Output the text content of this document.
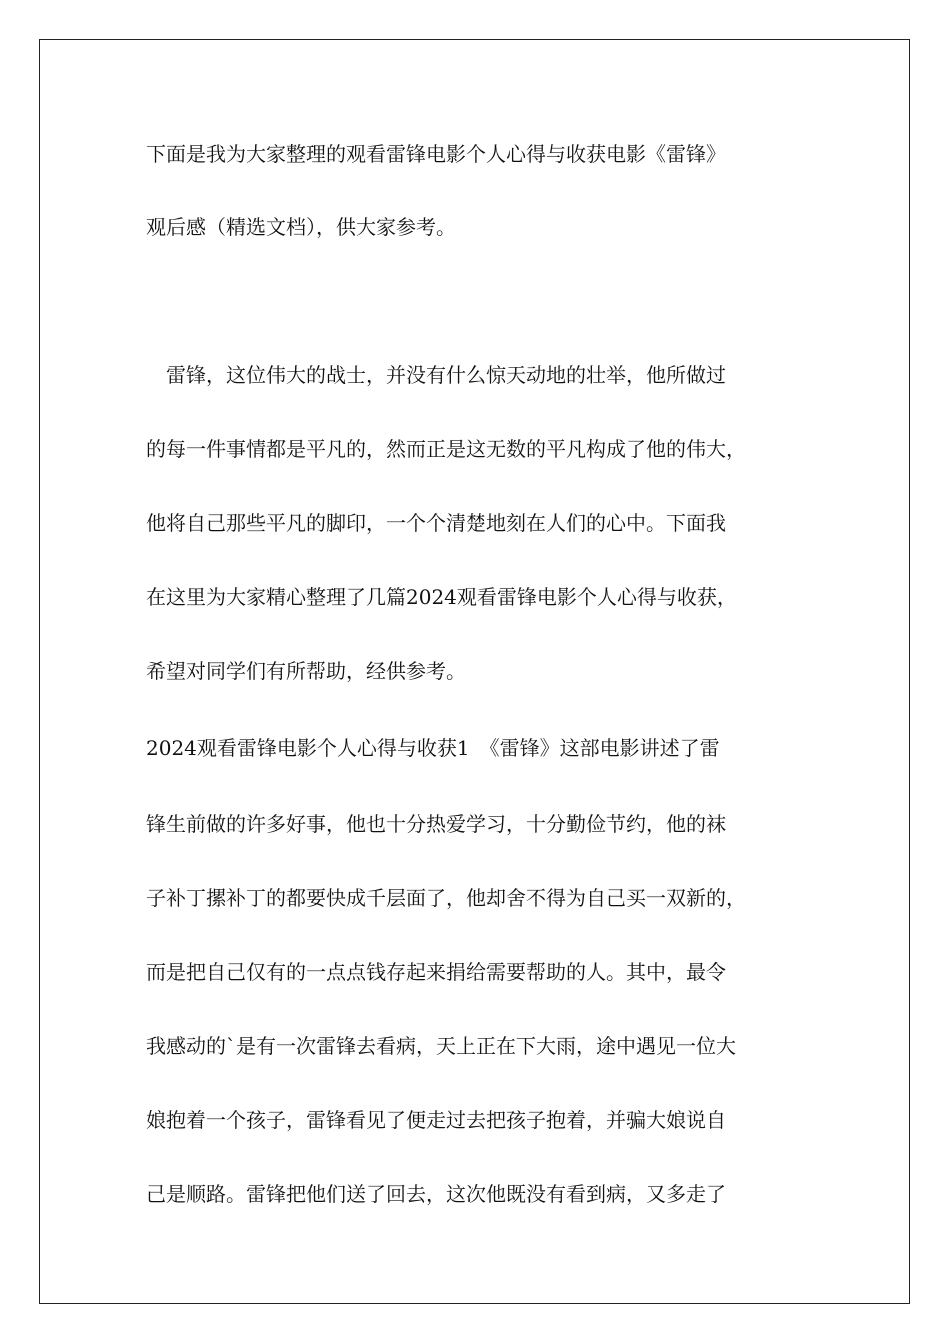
下面是我为大家整理的观看雷锋电影个人心得与收获电影《雷锋》
观后感（精选文档），供大家参考。
　雷锋，这位伟大的战士，并没有什么惊天动地的壮举，他所做过
的每一件事情都是平凡的，然而正是这无数的平凡构成了他的伟大，
他将自己那些平凡的脚印，一个个清楚地刻在人们的心中。下面我
在这里为大家精心整理了几篇2024观看雷锋电影个人心得与收获，
希望对同学们有所帮助，经供参考。
2024观看雷锋电影个人心得与收获1　《雷锋》这部电影讲述了雷
锋生前做的许多好事，他也十分热爱学习，十分勤俭节约，他的袜
子补丁摞补丁的都要快成千层面了，他却舍不得为自己买一双新的，
而是把自己仅有的一点点钱存起来捐给需要帮助的人。其中，最令
我感动的`是有一次雷锋去看病，天上正在下大雨，途中遇见一位大
娘抱着一个孩子，雷锋看见了便走过去把孩子抱着，并骗大娘说自
己是顺路。雷锋把他们送了回去，这次他既没有看到病，又多走了
